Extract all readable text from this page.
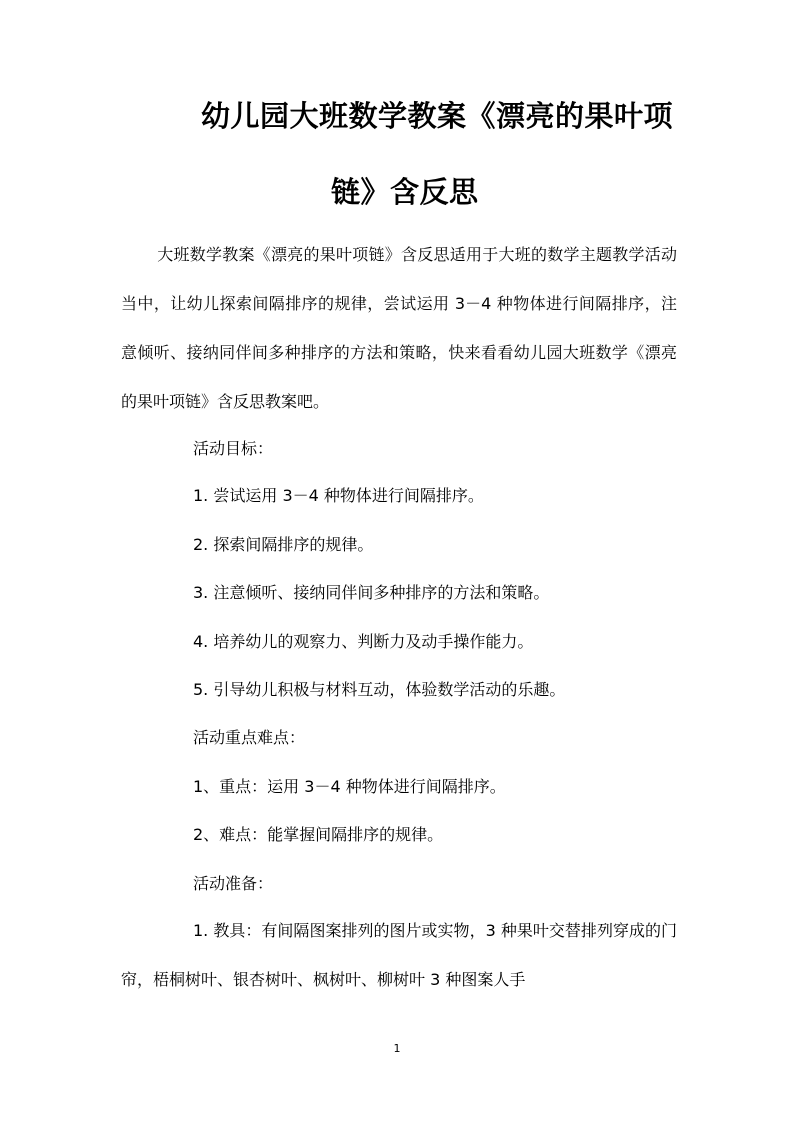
幼儿园大班数学教案《漂亮的果叶项
链》含反思
大班数学教案《漂亮的果叶项链》含反思适用于大班的数学主题教学活动当中，让幼儿探索间隔排序的规律，尝试运用 3－4 种物体进行间隔排序，注意倾听、接纳同伴间多种排序的方法和策略，快来看看幼儿园大班数学《漂亮的果叶项链》含反思教案吧。
活动目标：
1. 尝试运用 3－4 种物体进行间隔排序。
2. 探索间隔排序的规律。
3. 注意倾听、接纳同伴间多种排序的方法和策略。
4. 培养幼儿的观察力、判断力及动手操作能力。
5. 引导幼儿积极与材料互动，体验数学活动的乐趣。
活动重点难点：
1、重点：运用 3－4 种物体进行间隔排序。
2、难点：能掌握间隔排序的规律。
活动准备：
1. 教具：有间隔图案排列的图片或实物，3 种果叶交替排列穿成的门帘，梧桐树叶、银杏树叶、枫树叶、柳树叶 3 种图案人手
1
